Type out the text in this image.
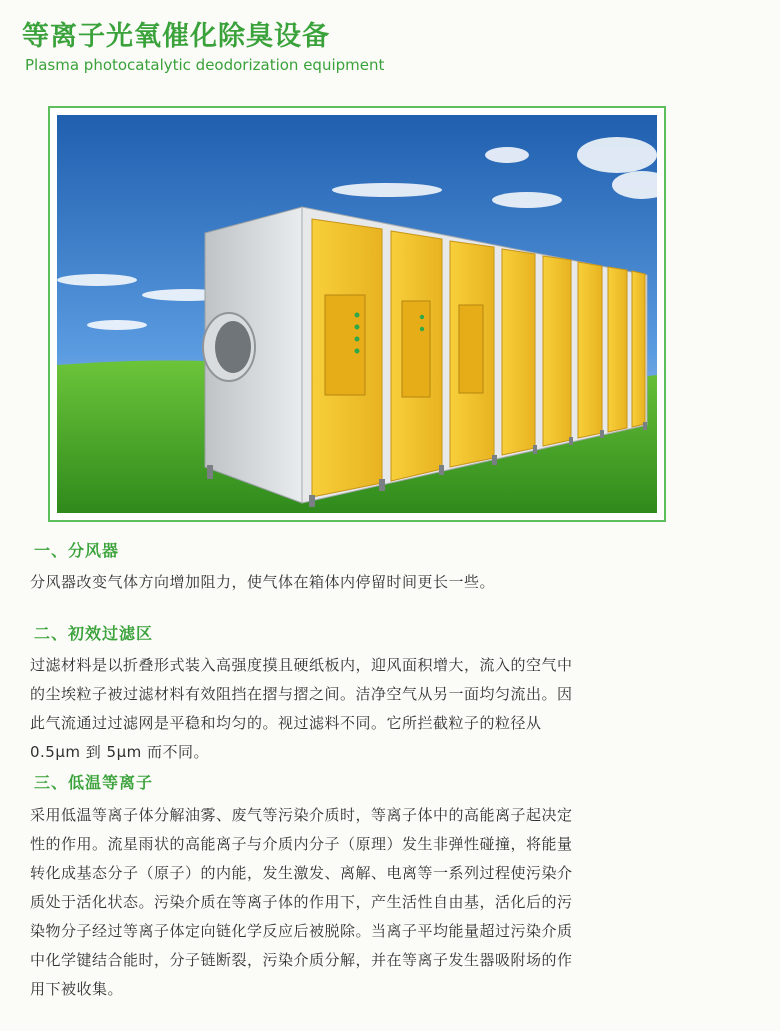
等离子光氧催化除臭设备
Plasma photocatalytic deodorization equipment
一、分风器

分风器改变气体方向增加阻力，使气体在箱体内停留时间更长一些。

二、初效过滤区

过滤材料是以折叠形式装入高强度摸且硬纸板内，迎风面积增大，流入的空气中

的尘埃粒子被过滤材料有效阻挡在摺与摺之间。洁净空气从另一面均匀流出。因

此气流通过过滤网是平稳和均匀的。视过滤料不同。它所拦截粒子的粒径从

0.5μm 到 5μm 而不同。

三、低温等离子

采用低温等离子体分解油雾、废气等污染介质时，等离子体中的高能离子起决定

性的作用。流星雨状的高能离子与介质内分子（原理）发生非弹性碰撞，将能量

转化成基态分子（原子）的内能，发生激发、离解、电离等一系列过程使污染介

质处于活化状态。污染介质在等离子体的作用下，产生活性自由基，活化后的污

染物分子经过等离子体定向链化学反应后被脱除。当离子平均能量超过污染介质

中化学键结合能时，分子链断裂，污染介质分解，并在等离子发生器吸附场的作

用下被收集。
